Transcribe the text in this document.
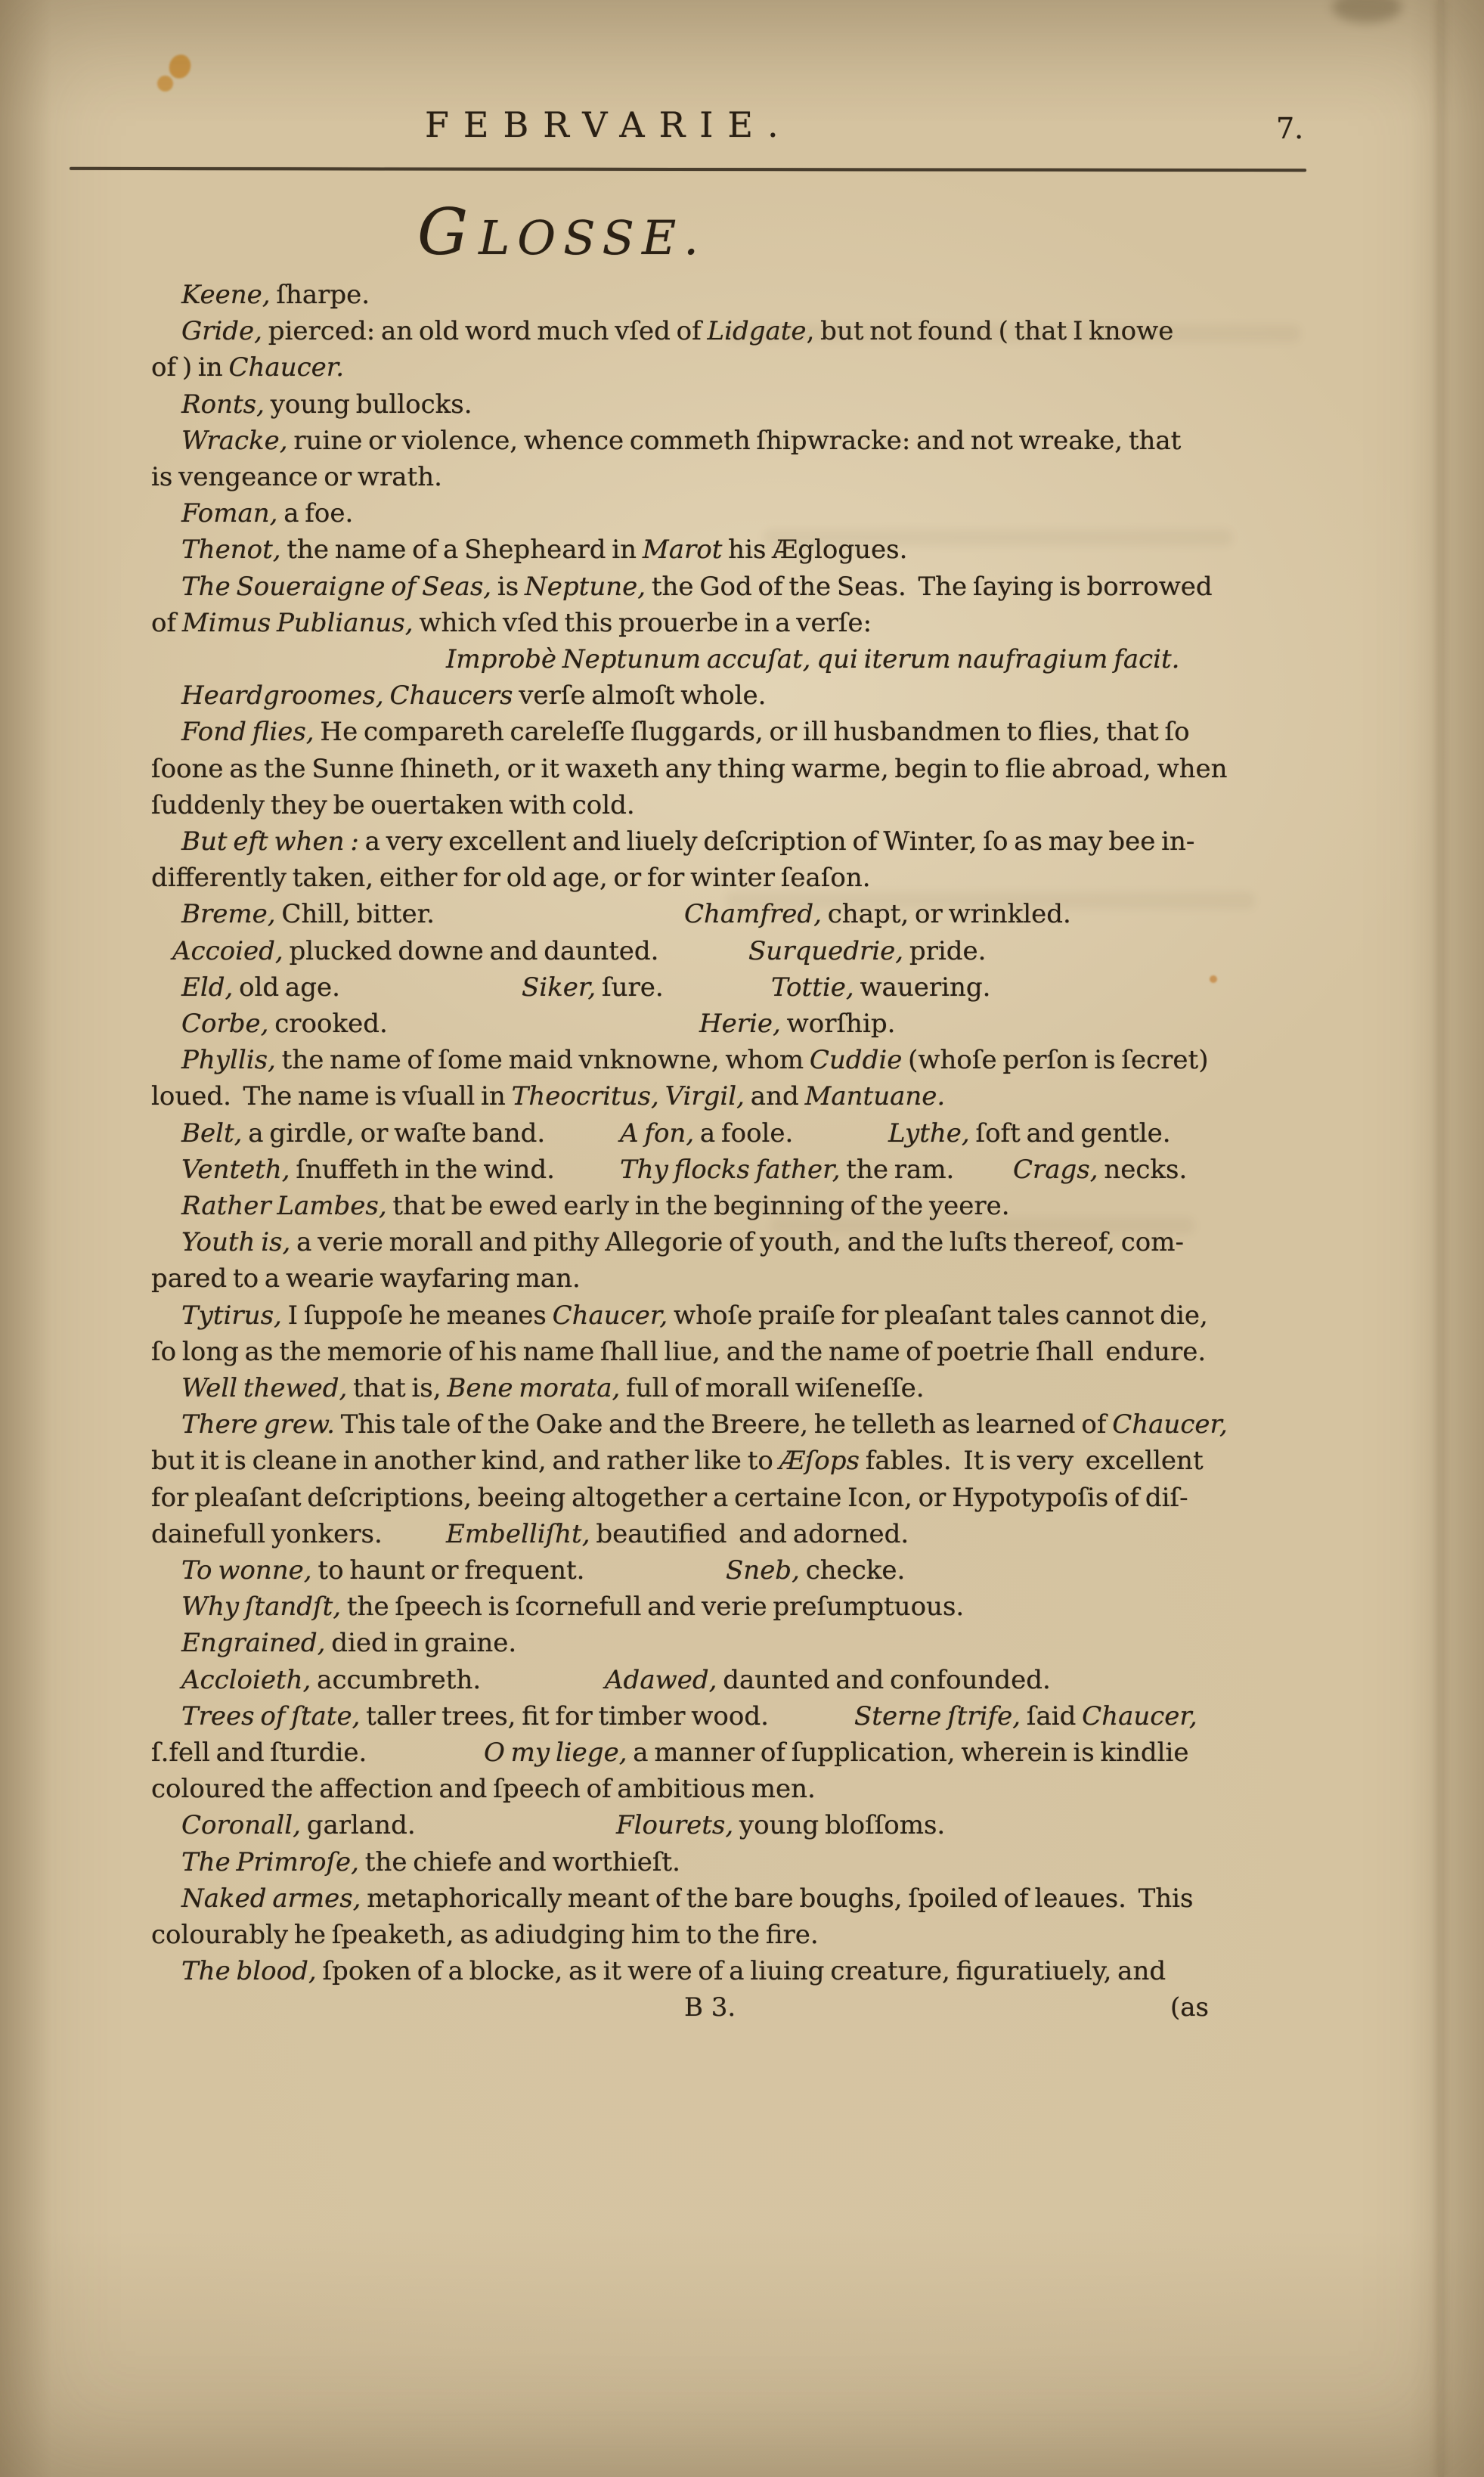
FEBRVARIE.	7.
GLOSSE.
Keene, ſharpe.
Gride, pierced: an old word much vſed of Lidgate, but not found ( that I knowe
of ) in Chaucer.
Ronts, young bullocks.
Wracke, ruine or violence, whence commeth ſhipwracke: and not wreake, that
is vengeance or wrath.
Foman, a foe.
Thenot, the name of a Shepheard in Marot his Æglogues.
The Soueraigne of Seas, is Neptune, the God of the Seas.  The ſaying is borrowed
of Mimus Publianus, which vſed this prouerbe in a verſe:
Improbè Neptunum accuſat, qui iterum naufragium facit.
Heardgroomes, Chaucers verſe almoſt whole.
Fond flies, He compareth careleſſe ſluggards, or ill husbandmen to flies, that ſo
ſoone as the Sunne ſhineth, or it waxeth any thing warme, begin to flie abroad, when
ſuddenly they be ouertaken with cold.
But eft when : a very excellent and liuely deſcription of Winter, ſo as may bee in-
differently taken, either for old age, or for winter ſeaſon.
Breme, Chill, bitter.	Chamfred, chapt, or wrinkled.
Accoied, plucked downe and daunted.	Surquedrie, pride.
Eld, old age.	Siker, ſure.	Tottie, wauering.
Corbe, crooked.	Herie, worſhip.
Phyllis, the name of ſome maid vnknowne, whom Cuddie (whoſe perſon is ſecret)
loued.  The name is vſuall in Theocritus, Virgil, and Mantuane.
Belt, a girdle, or waſte band.	A fon, a foole.	Lythe, ſoft and gentle.
Venteth, ſnuffeth in the wind.	Thy flocks father, the ram. Crags, necks.
Rather Lambes, that be ewed early in the beginning of the yeere.
Youth is, a verie morall and pithy Allegorie of youth, and the luſts thereof, com-
pared to a wearie wayfaring man.
Tytirus, I ſuppoſe he meanes Chaucer, whoſe praiſe for pleaſant tales cannot die,
ſo long as the memorie of his name ſhall liue, and the name of poetrie ſhall  endure.
Well thewed, that is, Bene morata, full of morall wiſeneſſe.
There grew. This tale of the Oake and the Breere, he telleth as learned of Chaucer,
but it is cleane in another kind, and rather like to Æſops fables.  It is very  excellent
for pleaſant deſcriptions, beeing altogether a certaine Icon, or Hypotypoſis of diſ-
dainefull yonkers. Embelliſht, beautified  and adorned.
To wonne, to haunt or frequent.	Sneb, checke.
Why ſtandſt, the ſpeech is ſcornefull and verie preſumptuous.
Engrained, died in graine.
Accloieth, accumbreth.	Adawed, daunted and confounded.
Trees of ſtate, taller trees, fit for timber wood.	Sterne ſtrife, ſaid Chaucer,
ſ.fell and ſturdie.	O my liege, a manner of ſupplication, wherein is kindlie
coloured the affection and ſpeech of ambitious men.
Coronall, garland.	Flourets, young bloſſoms.
The Primroſe, the chiefe and worthieſt.
Naked armes, metaphorically meant of the bare boughs, ſpoiled of leaues.  This
colourably he ſpeaketh, as adiudging him to the fire.
The blood, ſpoken of a blocke, as it were of a liuing creature, figuratiuely, and
B 3.	(as
